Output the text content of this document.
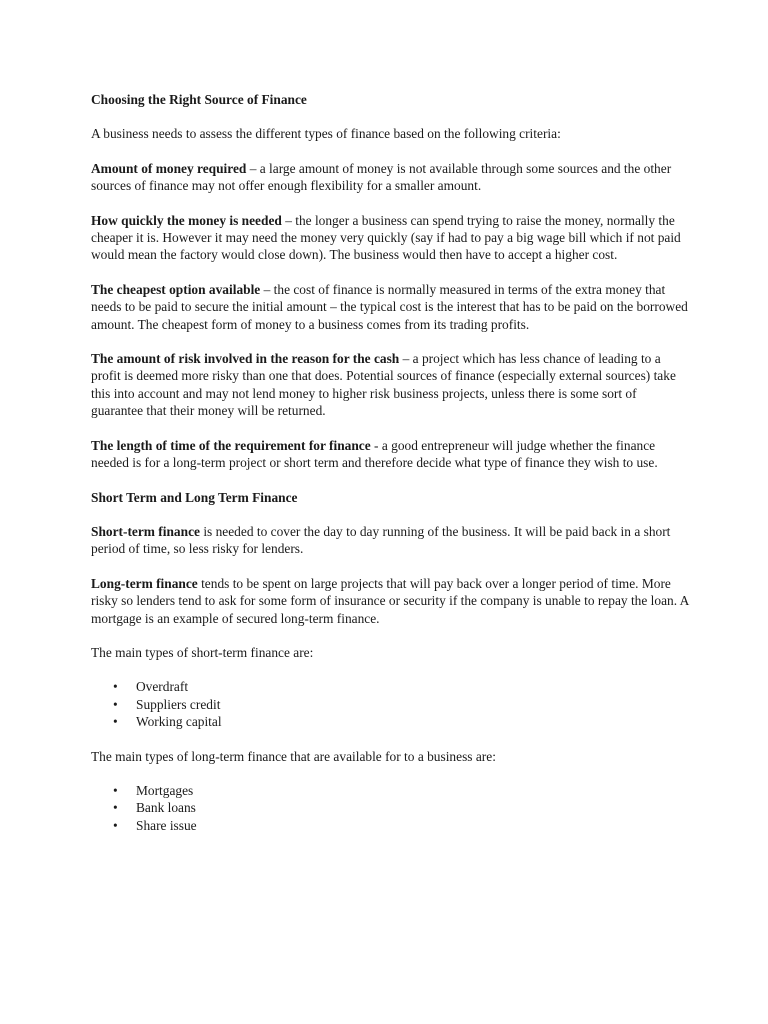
Choosing the Right Source of Finance

A business needs to assess the different types of finance based on the following criteria:

Amount of money required – a large amount of money is not available through some sources and the other sources of finance may not offer enough flexibility for a smaller amount.

How quickly the money is needed – the longer a business can spend trying to raise the money, normally the cheaper it is. However it may need the money very quickly (say if had to pay a big wage bill which if not paid would mean the factory would close down). The business would then have to accept a higher cost.

The cheapest option available – the cost of finance is normally measured in terms of the extra money that needs to be paid to secure the initial amount – the typical cost is the interest that has to be paid on the borrowed amount. The cheapest form of money to a business comes from its trading profits.

The amount of risk involved in the reason for the cash – a project which has less chance of leading to a profit is deemed more risky than one that does. Potential sources of finance (especially external sources) take this into account and may not lend money to higher risk business projects, unless there is some sort of guarantee that their money will be returned.

The length of time of the requirement for finance - a good entrepreneur will judge whether the finance needed is for a long-term project or short term and therefore decide what type of finance they wish to use.

Short Term and Long Term Finance

Short-term finance is needed to cover the day to day running of the business. It will be paid back in a short period of time, so less risky for lenders.

Long-term finance tends to be spent on large projects that will pay back over a longer period of time. More risky so lenders tend to ask for some form of insurance or security if the company is unable to repay the loan. A mortgage is an example of secured long-term finance.

The main types of short-term finance are:

• Overdraft
• Suppliers credit
• Working capital

The main types of long-term finance that are available for to a business are:

• Mortgages
• Bank loans
• Share issue
